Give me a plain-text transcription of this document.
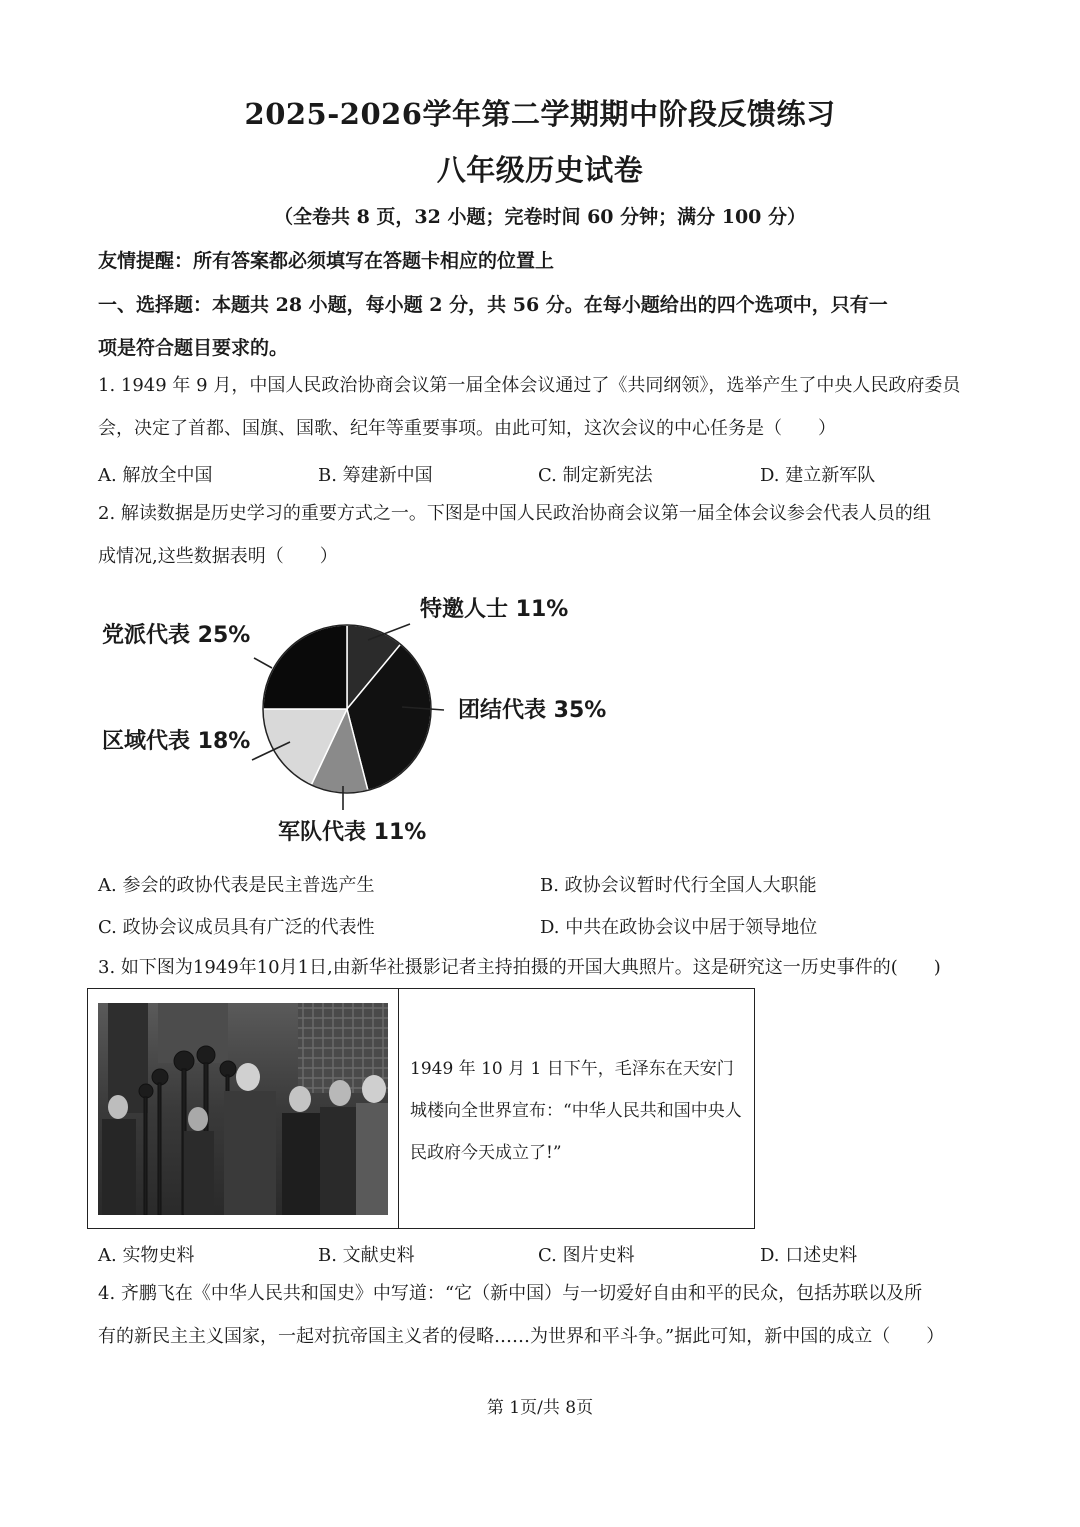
2025-2026学年第二学期期中阶段反馈练习
八年级历史试卷
（全卷共 8 页，32 小题；完卷时间 60 分钟；满分 100 分）
友情提醒：所有答案都必须填写在答题卡相应的位置上
一、选择题：本题共 28 小题，每小题 2 分，共 56 分。在每小题给出的四个选项中，只有一
项是符合题目要求的。
1. 1949 年 9 月，中国人民政治协商会议第一届全体会议通过了《共同纲领》，选举产生了中央人民政府委员
会，决定了首都、国旗、国歌、纪年等重要事项。由此可知，这次会议的中心任务是（　　）
A. 解放全中国	B. 筹建新中国	C. 制定新宪法	D. 建立新军队
2. 解读数据是历史学习的重要方式之一。下图是中国人民政治协商会议第一届全体会议参会代表人员的组
成情况,这些数据表明（　　）
特邀人士 11%
团结代表 35%
军队代表 11%
区域代表 18%
党派代表 25%
A. 参会的政协代表是民主普选产生	B. 政协会议暂时代行全国人大职能
C. 政协会议成员具有广泛的代表性	D. 中共在政协会议中居于领导地位
3. 如下图为1949年10月1日,由新华社摄影记者主持拍摄的开国大典照片。这是研究这一历史事件的(　　)
1949 年 10 月 1 日下午，毛泽东在天安门城楼向全世界宣布：“中华人民共和国中央人民政府今天成立了!”
A. 实物史料	B. 文献史料	C. 图片史料	D. 口述史料
4. 齐鹏飞在《中华人民共和国史》中写道：“它（新中国）与一切爱好自由和平的民众，包括苏联以及所
有的新民主主义国家，一起对抗帝国主义者的侵略……为世界和平斗争。”据此可知，新中国的成立（　　）
第 1页/共 8页
